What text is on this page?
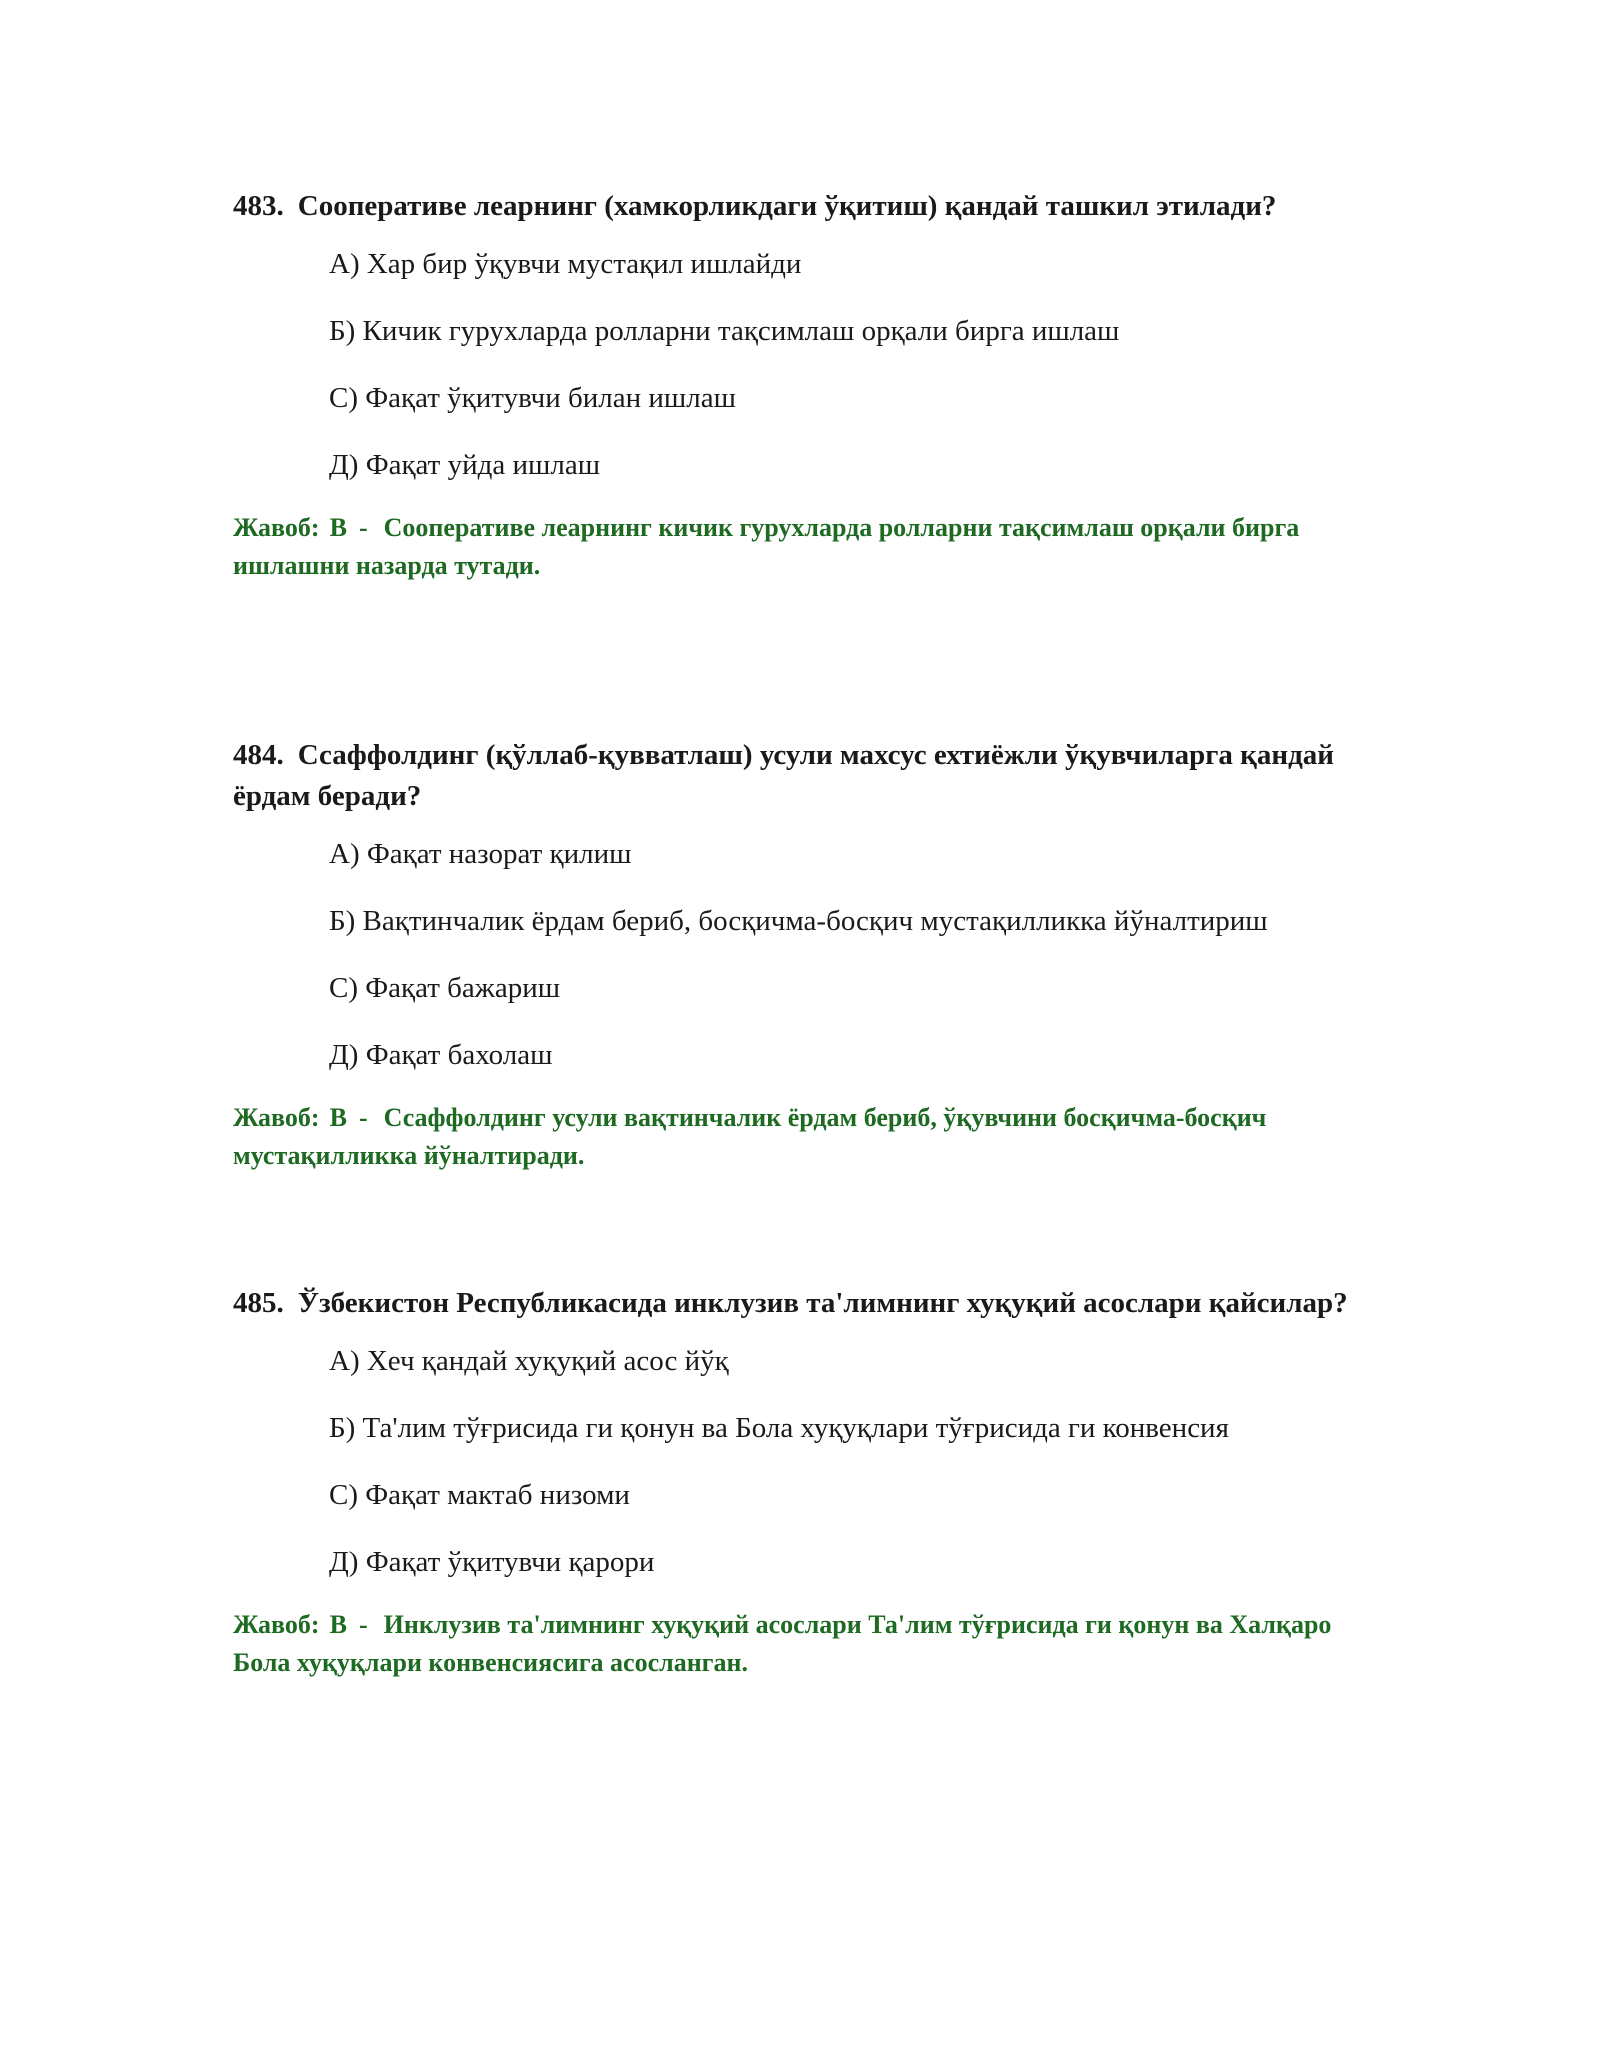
483. Сооперативе леарнинг (хамкорликдаги ўқитиш) қандай ташкил этилади?

А) Хар бир ўқувчи мустақил ишлайди
Б) Кичик гурухларда ролларни тақсимлаш орқали бирга ишлаш
С) Фақат ўқитувчи билан ишлаш
Д) Фақат уйда ишлаш

Жавоб: В - Сооперативе леарнинг кичик гурухларда ролларни тақсимлаш орқали бирга ишлашни назарда тутади.

484. Ссаффолдинг (қўллаб-қувватлаш) усули махсус ехтиёжли ўқувчиларга қандай ёрдам беради?

А) Фақат назорат қилиш
Б) Вақтинчалик ёрдам бериб, босқичма-босқич мустақилликка йўналтириш
С) Фақат бажариш
Д) Фақат бахолаш

Жавоб: В - Ссаффолдинг усули вақтинчалик ёрдам бериб, ўқувчини босқичма-босқич мустақилликка йўналтиради.

485. Ўзбекистон Республикасида инклузив та'лимнинг хуқуқий асослари қайсилар?

А) Хеч қандай хуқуқий асос йўқ
Б) Та'лим тўғрисида ги қонун ва Бола хуқуқлари тўғрисида ги конвенсия
С) Фақат мактаб низоми
Д) Фақат ўқитувчи қарори

Жавоб: В - Инклузив та'лимнинг хуқуқий асослари Та'лим тўғрисида ги қонун ва Халқаро Бола хуқуқлари конвенсиясига асосланган.
